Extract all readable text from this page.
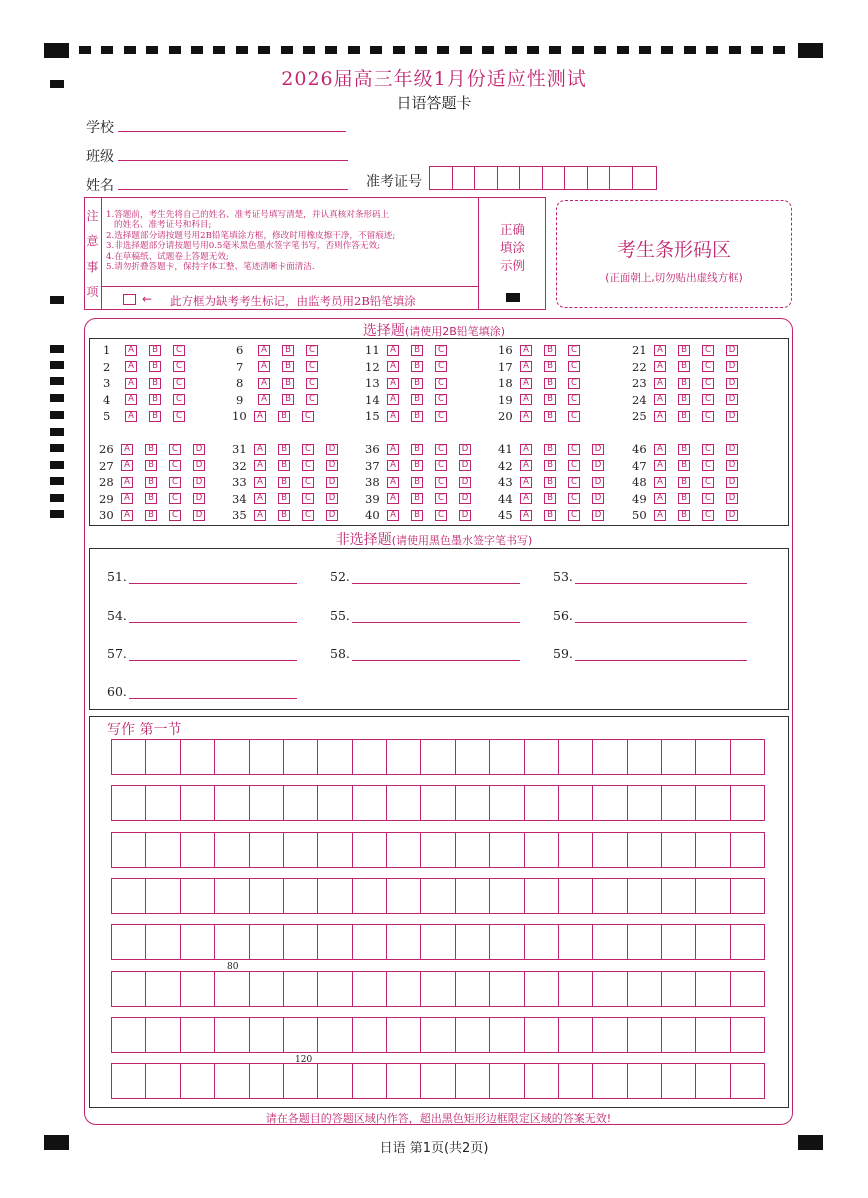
2026届高三年级1月份适应性测试
日语答题卡
学校
班级
姓名	准考证号
注
意
事
项
1.答题前，考生先将自己的姓名、准考证号填写清楚，并认真核对条形码上
的姓名、准考证号和科目;
2.选择题部分请按题号用2B铅笔填涂方框，修改时用橡皮擦干净，不留痕迹;
3.非选择题部分请按题号用0.5毫米黑色墨水签字笔书写，否则作答无效;
4.在草稿纸、试题卷上答题无效;
5.请勿折叠答题卡，保持字体工整、笔迹清晰卡面清洁.
← 此方框为缺考考生标记，由监考员用2B铅笔填涂
正确
填涂
示例
考生条形码区
(正面朝上,切勿贴出虚线方框)
选择题(请使用2B铅笔填涂)
非选择题(请使用黑色墨水签字笔书写)
写作 第一节
80
120
请在各题目的答题区域内作答，超出黑色矩形边框限定区域的答案无效!
日语 第1页(共2页)
1	A	B	C
2	A	B	C
3	A	B	C
4	A	B	C
5	A	B	C
6	A	B	C
7	A	B	C
8	A	B	C
9	A	B	C
10	A	B	C
11	A	B	C
12	A	B	C
13	A	B	C
14	A	B	C
15	A	B	C
16	A	B	C
17	A	B	C
18	A	B	C
19	A	B	C
20	A	B	C
21	A	B	C	D
22	A	B	C	D
23	A	B	C	D
24	A	B	C	D
25	A	B	C	D
26	A	B	C	D
27	A	B	C	D
28	A	B	C	D
29	A	B	C	D
30	A	B	C	D
31	A	B	C	D
32	A	B	C	D
33	A	B	C	D
34	A	B	C	D
35	A	B	C	D
36	A	B	C	D
37	A	B	C	D
38	A	B	C	D
39	A	B	C	D
40	A	B	C	D
41	A	B	C	D
42	A	B	C	D
43	A	B	C	D
44	A	B	C	D
45	A	B	C	D
46	A	B	C	D
47	A	B	C	D
48	A	B	C	D
49	A	B	C	D
50	A	B	C	D
51.	52.	53.
54.	55.	56.
57.	58.	59.
60.
